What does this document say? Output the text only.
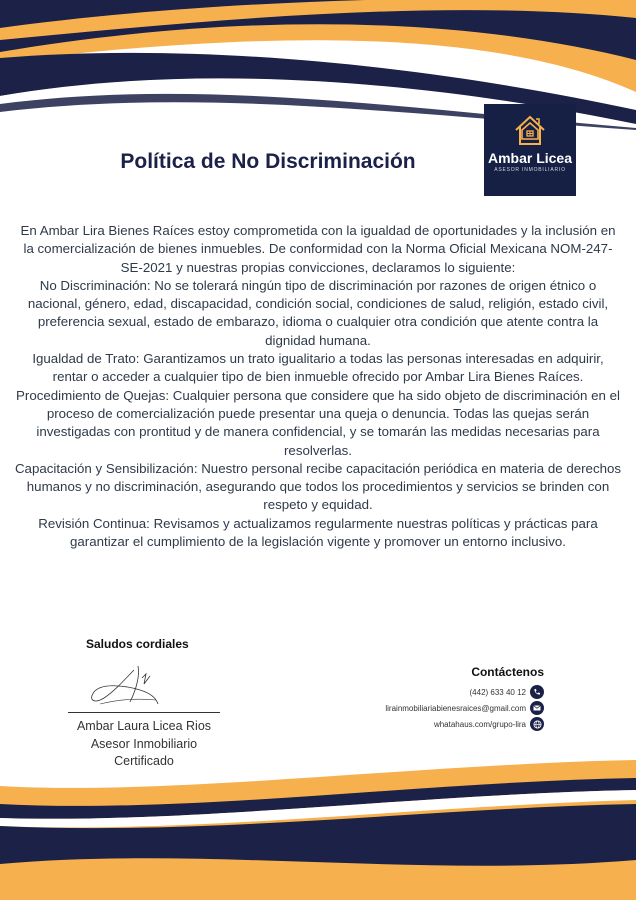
Ambar Licea
ASESOR INMOBILIARIO
Política de No Discriminación

En Ambar Lira Bienes Raíces estoy comprometida con la igualdad de oportunidades y la inclusión en la comercialización de bienes inmuebles. De conformidad con la Norma Oficial Mexicana NOM-247-SE-2021 y nuestras propias convicciones, declaramos lo siguiente:

No Discriminación: No se tolerará ningún tipo de discriminación por razones de origen étnico o nacional, género, edad, discapacidad, condición social, condiciones de salud, religión, estado civil, preferencia sexual, estado de embarazo, idioma o cualquier otra condición que atente contra la dignidad humana.

Igualdad de Trato: Garantizamos un trato igualitario a todas las personas interesadas en adquirir, rentar o acceder a cualquier tipo de bien inmueble ofrecido por Ambar Lira Bienes Raíces.

Procedimiento de Quejas: Cualquier persona que considere que ha sido objeto de discriminación en el proceso de comercialización puede presentar una queja o denuncia. Todas las quejas serán investigadas con prontitud y de manera confidencial, y se tomarán las medidas necesarias para resolverlas.

Capacitación y Sensibilización: Nuestro personal recibe capacitación periódica en materia de derechos humanos y no discriminación, asegurando que todos los procedimientos y servicios se brinden con respeto y equidad.

Revisión Continua: Revisamos y actualizamos regularmente nuestras políticas y prácticas para garantizar el cumplimiento de la legislación vigente y promover un entorno inclusivo.

Saludos cordiales
Ambar Laura Licea Rios
Asesor Inmobiliario
Certificado
Contáctenos
(442) 633 40 12
lirainmobiliariabienesraices@gmail.com
whatahaus.com/grupo-lira
